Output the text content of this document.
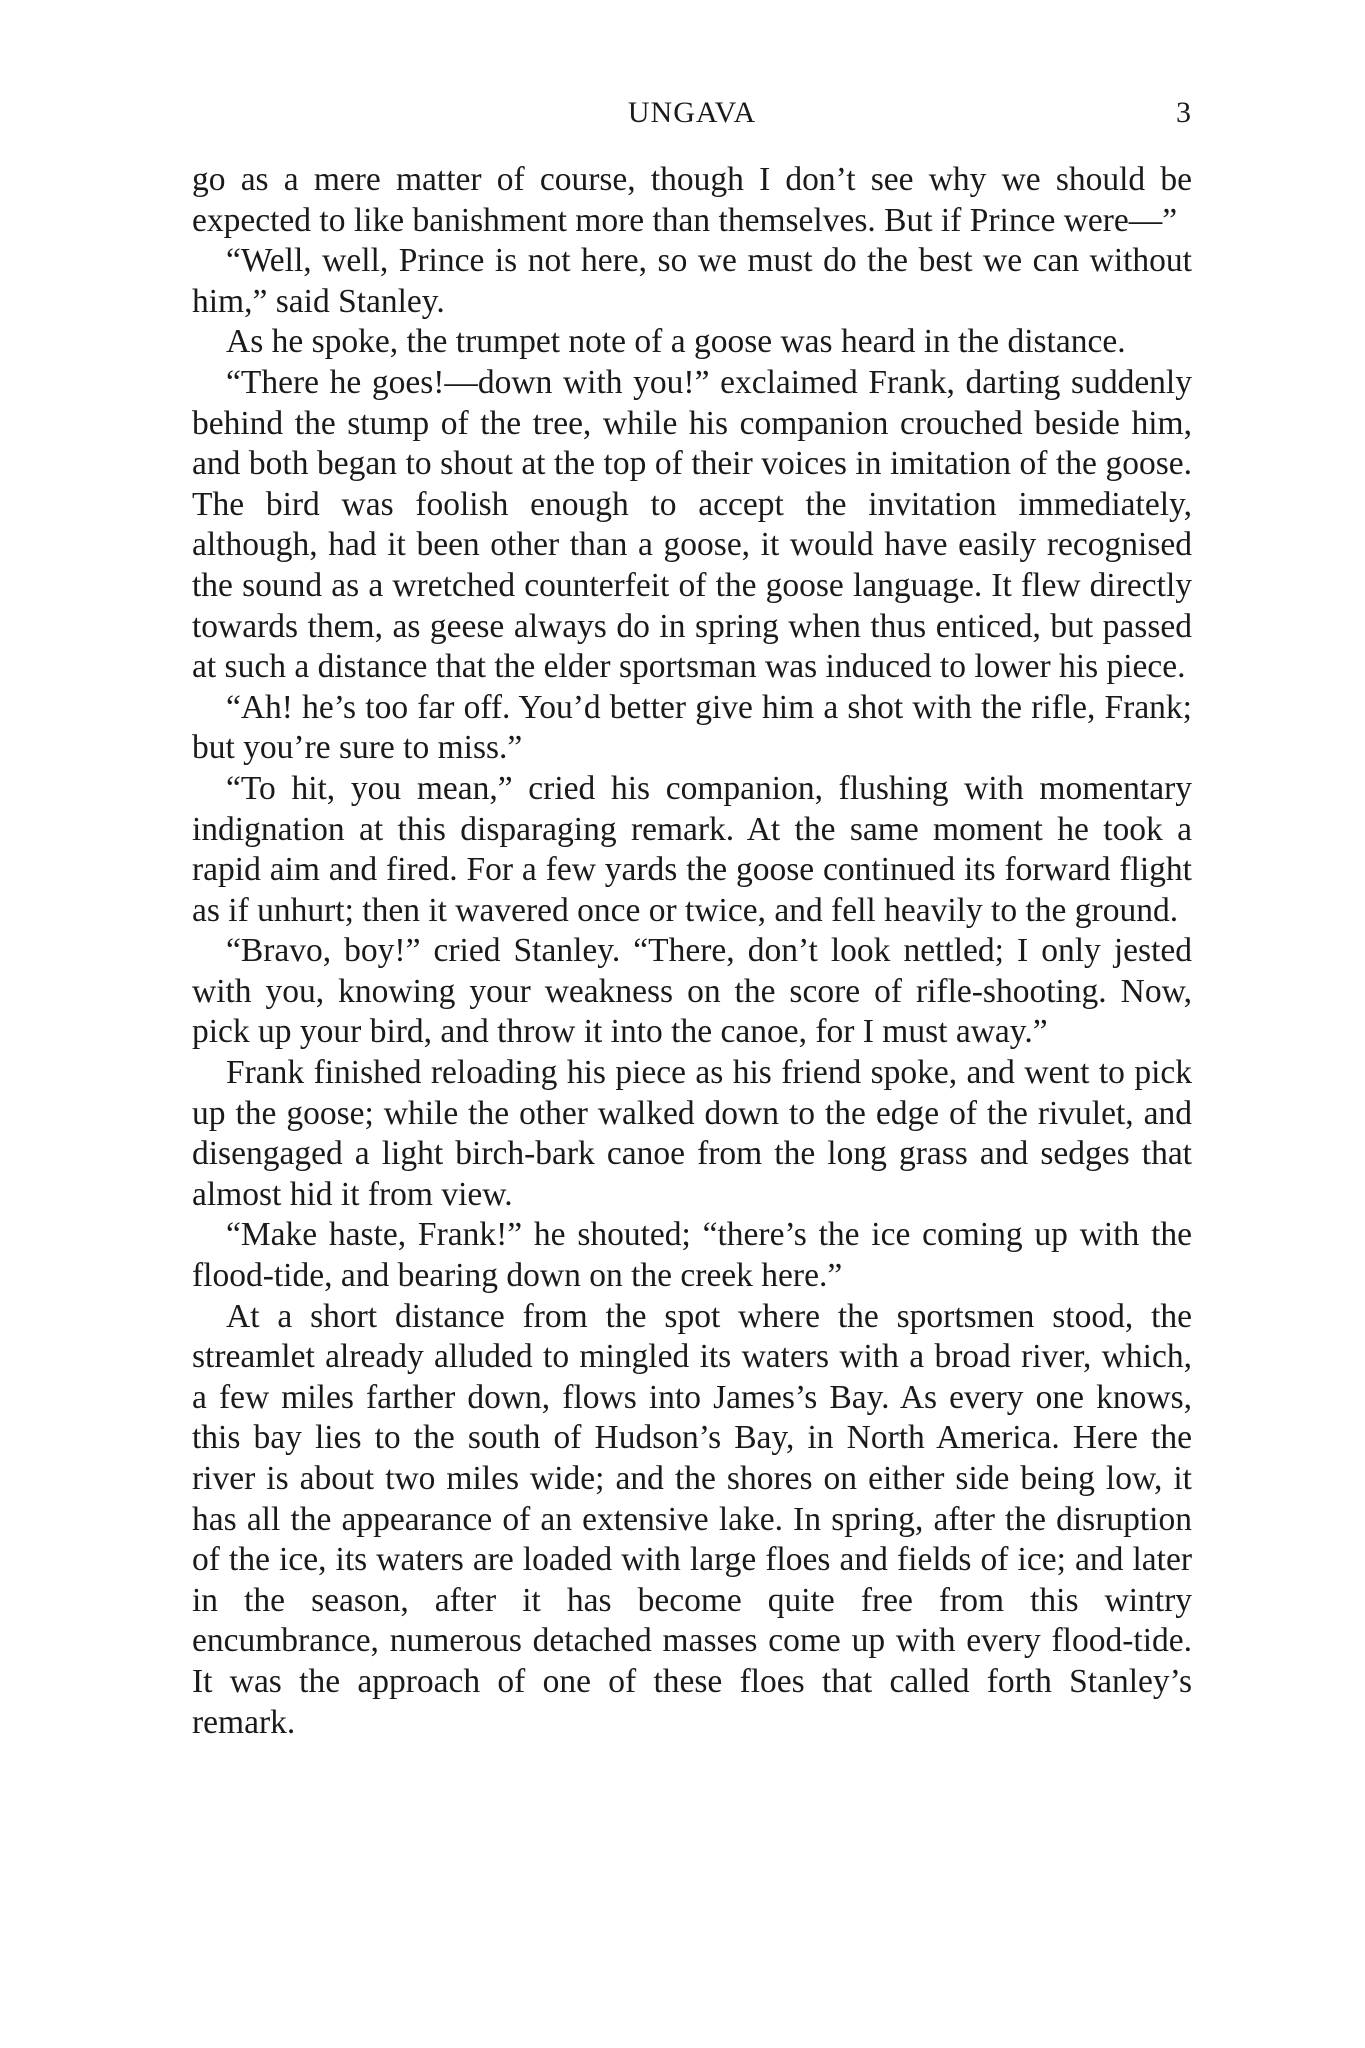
UNGAVA	3

go as a mere matter of course, though I don’t see why we should be expected to like banishment more than themselves. But if Prince were—”

“Well, well, Prince is not here, so we must do the best we can without him,” said Stanley.

As he spoke, the trumpet note of a goose was heard in the distance.

“There he goes!—down with you!” exclaimed Frank, darting suddenly behind the stump of the tree, while his companion crouched beside him, and both began to shout at the top of their voices in imitation of the goose. The bird was foolish enough to accept the invitation immediately, although, had it been other than a goose, it would have easily recognised the sound as a wretched counterfeit of the goose language. It flew directly towards them, as geese always do in spring when thus enticed, but passed at such a distance that the elder sportsman was induced to lower his piece.

“Ah! he’s too far off. You’d better give him a shot with the rifle, Frank; but you’re sure to miss.”

“To hit, you mean,” cried his companion, flushing with momentary indignation at this disparaging remark. At the same moment he took a rapid aim and fired. For a few yards the goose continued its forward flight as if unhurt; then it wavered once or twice, and fell heavily to the ground.

“Bravo, boy!” cried Stanley. “There, don’t look nettled; I only jested with you, knowing your weakness on the score of rifle-shooting. Now, pick up your bird, and throw it into the canoe, for I must away.”

Frank finished reloading his piece as his friend spoke, and went to pick up the goose; while the other walked down to the edge of the rivulet, and disengaged a light birch-bark canoe from the long grass and sedges that almost hid it from view.

“Make haste, Frank!” he shouted; “there’s the ice coming up with the flood-tide, and bearing down on the creek here.”

At a short distance from the spot where the sportsmen stood, the streamlet already alluded to mingled its waters with a broad river, which, a few miles farther down, flows into James’s Bay. As every one knows, this bay lies to the south of Hudson’s Bay, in North America. Here the river is about two miles wide; and the shores on either side being low, it has all the appearance of an extensive lake. In spring, after the disruption of the ice, its waters are loaded with large floes and fields of ice; and later in the season, after it has become quite free from this wintry encumbrance, numerous detached masses come up with every flood-tide. It was the approach of one of these floes that called forth Stanley’s remark.
